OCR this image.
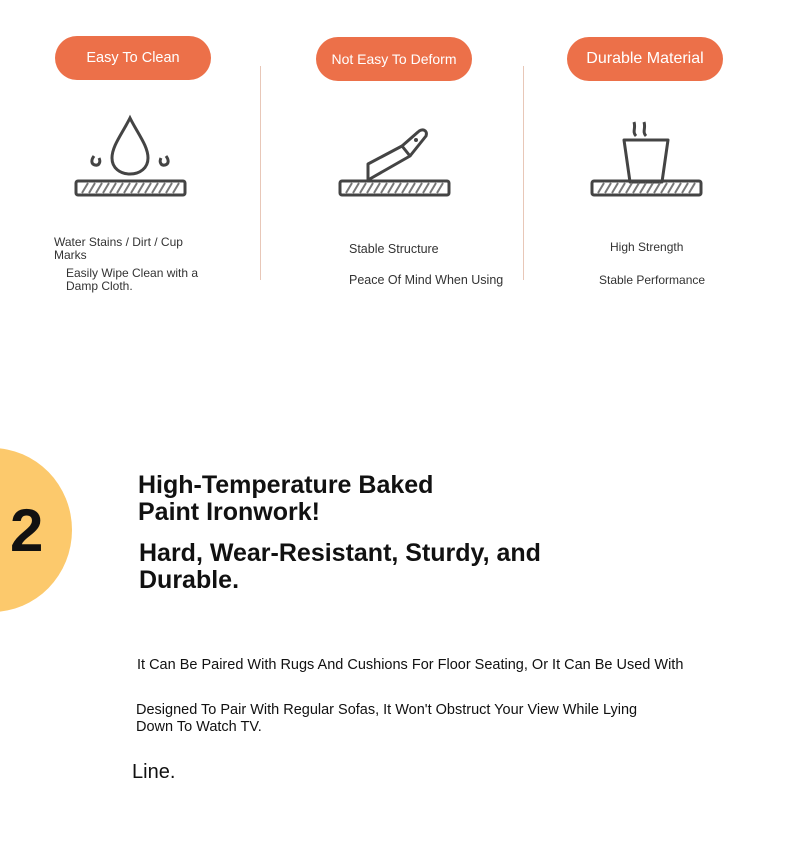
Easy To Clean	Not Easy To Deform	Durable Material
Water Stains / Dirt / Cup Marks
Easily Wipe Clean with a Damp Cloth.
Stable Structure
Peace Of Mind When Using
High Strength
Stable Performance
2
High-Temperature Baked Paint Ironwork!
Hard, Wear-Resistant, Sturdy, and Durable.
It Can Be Paired With Rugs And Cushions For Floor Seating, Or It Can Be Used With
Designed To Pair With Regular Sofas, It Won't Obstruct Your View While Lying Down To Watch TV.
Line.
